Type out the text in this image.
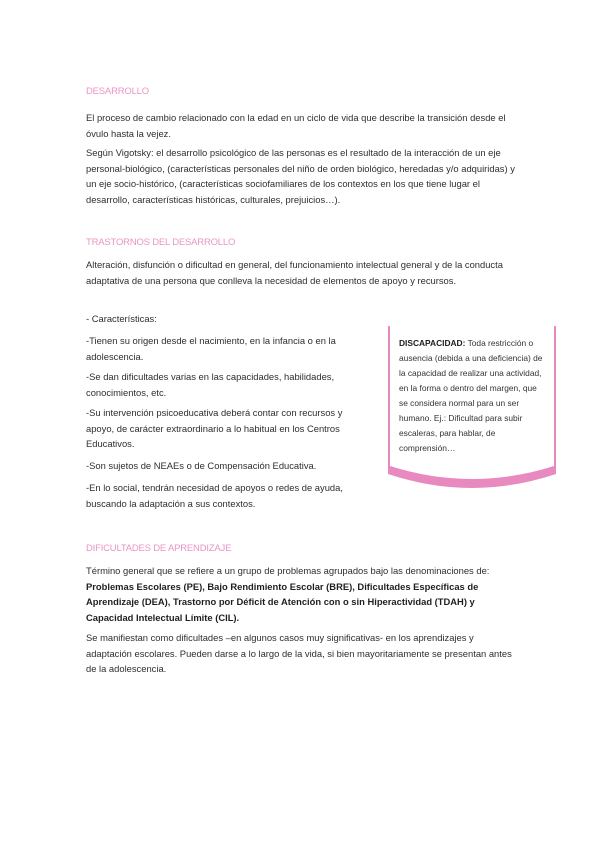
DESARROLLO

El proceso de cambio relacionado con la edad en un ciclo de vida que describe la transición desde el óvulo hasta la vejez.

Según Vigotsky: el desarrollo psicológico de las personas es el resultado de la interacción de un eje personal-biológico, (características personales del niño de orden biológico, heredadas y/o adquiridas) y un eje socio-histórico, (características sociofamiliares de los contextos en los que tiene lugar el desarrollo, características históricas, culturales, prejuicios…).

TRASTORNOS DEL DESARROLLO

Alteración, disfunción o dificultad en general, del funcionamiento intelectual general y de la conducta adaptativa de una persona que conlleva la necesidad de elementos de apoyo y recursos.

- Características:

-Tienen su origen desde el nacimiento, en la infancia o en la adolescencia.

-Se dan dificultades varias en las capacidades, habilidades, conocimientos, etc.

-Su intervención psicoeducativa deberá contar con recursos y apoyo, de carácter extraordinario a lo habitual en los Centros Educativos.

-Son sujetos de NEAEs o de Compensación Educativa.

-En lo social, tendrán necesidad de apoyos o redes de ayuda, buscando la adaptación a sus contextos.

DISCAPACIDAD: Toda restricción o ausencia (debida a una deficiencia) de la capacidad de realizar una actividad, en la forma o dentro del margen, que se considera normal para un ser humano. Ej.: Dificultad para subir escaleras, para hablar, de comprensión…

DIFICULTADES DE APRENDIZAJE

Término general que se refiere a un grupo de problemas agrupados bajo las denominaciones de: Problemas Escolares (PE), Bajo Rendimiento Escolar (BRE), Dificultades Específicas de Aprendizaje (DEA), Trastorno por Déficit de Atención con o sin Hiperactividad (TDAH) y Capacidad Intelectual Límite (CIL).

Se manifiestan como dificultades –en algunos casos muy significativas- en los aprendizajes y adaptación escolares. Pueden darse a lo largo de la vida, si bien mayoritariamente se presentan antes de la adolescencia.
